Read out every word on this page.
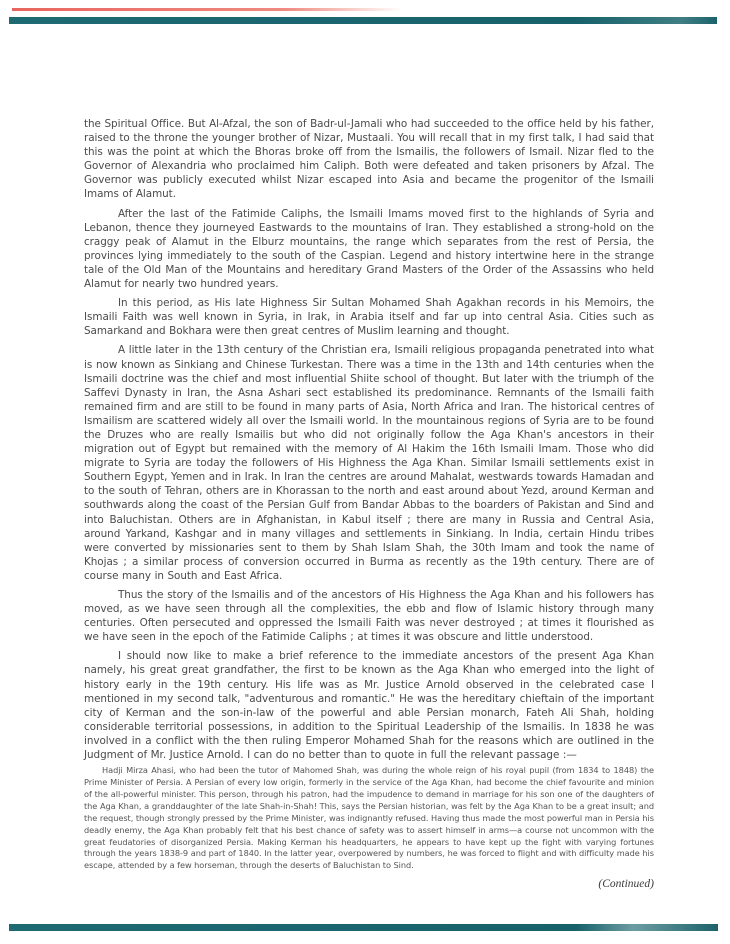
the Spiritual Office. But Al-Afzal, the son of Badr-ul-Jamali who had succeeded to the office held by his father, raised to the throne the younger brother of Nizar, Mustaali. You will recall that in my first talk, I had said that this was the point at which the Bhoras broke off from the Ismailis, the followers of Ismail. Nizar fled to the Governor of Alexandria who proclaimed him Caliph. Both were defeated and taken prisoners by Afzal. The Governor was publicly executed whilst Nizar escaped into Asia and became the progenitor of the Ismaili Imams of Alamut.

After the last of the Fatimide Caliphs, the Ismaili Imams moved first to the highlands of Syria and Lebanon, thence they journeyed Eastwards to the mountains of Iran. They established a strong-hold on the craggy peak of Alamut in the Elburz mountains, the range which separates from the rest of Persia, the provinces lying immediately to the south of the Caspian. Legend and history intertwine here in the strange tale of the Old Man of the Mountains and hereditary Grand Masters of the Order of the Assassins who held Alamut for nearly two hundred years.

In this period, as His late Highness Sir Sultan Mohamed Shah Agakhan records in his Memoirs, the Ismaili Faith was well known in Syria, in Irak, in Arabia itself and far up into central Asia. Cities such as Samarkand and Bokhara were then great centres of Muslim learning and thought.

A little later in the 13th century of the Christian era, Ismaili religious propaganda penetrated into what is now known as Sinkiang and Chinese Turkestan. There was a time in the 13th and 14th centuries when the Ismaili doctrine was the chief and most influential Shiite school of thought. But later with the triumph of the Saffevi Dynasty in Iran, the Asna Ashari sect established its predominance. Remnants of the Ismaili faith remained firm and are still to be found in many parts of Asia, North Africa and Iran. The historical centres of Ismailism are scattered widely all over the Ismaili world. In the mountainous regions of Syria are to be found the Druzes who are really Ismailis but who did not originally follow the Aga Khan's ancestors in their migration out of Egypt but remained with the memory of Al Hakim the 16th Ismaili Imam. Those who did migrate to Syria are today the followers of His Highness the Aga Khan. Similar Ismaili settlements exist in Southern Egypt, Yemen and in Irak. In Iran the centres are around Mahalat, westwards towards Hamadan and to the south of Tehran, others are in Khorassan to the north and east around about Yezd, around Kerman and southwards along the coast of the Persian Gulf from Bandar Abbas to the boarders of Pakistan and Sind and into Baluchistan. Others are in Afghanistan, in Kabul itself ; there are many in Russia and Central Asia, around Yarkand, Kashgar and in many villages and settlements in Sinkiang. In India, certain Hindu tribes were converted by missionaries sent to them by Shah Islam Shah, the 30th Imam and took the name of Khojas ; a similar process of conversion occurred in Burma as recently as the 19th century. There are of course many in South and East Africa.

Thus the story of the Ismailis and of the ancestors of His Highness the Aga Khan and his followers has moved, as we have seen through all the complexities, the ebb and flow of Islamic history through many centuries. Often persecuted and oppressed the Ismaili Faith was never destroyed ; at times it flourished as we have seen in the epoch of the Fatimide Caliphs ; at times it was obscure and little understood.

I should now like to make a brief reference to the immediate ancestors of the present Aga Khan namely, his great great grandfather, the first to be known as the Aga Khan who emerged into the light of history early in the 19th century. His life was as Mr. Justice Arnold observed in the celebrated case I mentioned in my second talk, "adventurous and romantic." He was the hereditary chieftain of the important city of Kerman and the son-in-law of the powerful and able Persian monarch, Fateh Ali Shah, holding considerable territorial possessions, in addition to the Spiritual Leadership of the Ismailis. In 1838 he was involved in a conflict with the then ruling Emperor Mohamed Shah for the reasons which are outlined in the Judgment of Mr. Justice Arnold. I can do no better than to quote in full the relevant passage :—

Hadji Mirza Ahasi, who had been the tutor of Mahomed Shah, was during the whole reign of his royal pupil (from 1834 to 1848) the Prime Minister of Persia. A Persian of every low origin, formerly in the service of the Aga Khan, had become the chief favourite and minion of the all-powerful minister. This person, through his patron, had the impudence to demand in marriage for his son one of the daughters of the Aga Khan, a granddaughter of the late Shah-in-Shah! This, says the Persian historian, was felt by the Aga Khan to be a great insult; and the request, though strongly pressed by the Prime Minister, was indignantly refused. Having thus made the most powerful man in Persia his deadly enemy, the Aga Khan probably felt that his best chance of safety was to assert himself in arms—a course not uncommon with the great feudatories of disorganized Persia. Making Kerman his headquarters, he appears to have kept up the fight with varying fortunes through the years 1838-9 and part of 1840. In the latter year, overpowered by numbers, he was forced to flight and with difficulty made his escape, attended by a few horseman, through the deserts of Baluchistan to Sind.

(Continued)
